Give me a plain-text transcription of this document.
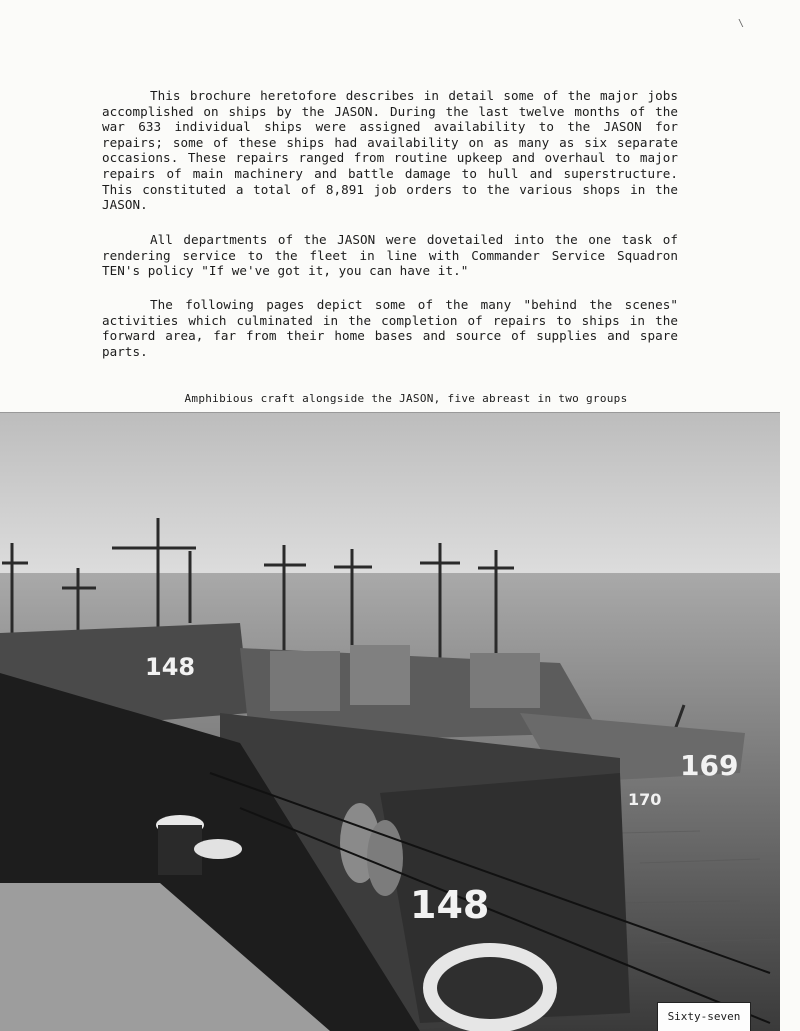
\

This brochure heretofore describes in detail some of the major jobs accomplished on ships by the JASON. During the last twelve months of the war 633 individual ships were assigned availability to the JASON for repairs; some of these ships had availability on as many as six separate occasions. These repairs ranged from routine upkeep and overhaul to major repairs of main machinery and battle damage to hull and superstructure. This constituted a total of 8,891 job orders to the various shops in the JASON.

All departments of the JASON were dovetailed into the one task of rendering service to the fleet in line with Commander Service Squadron TEN's policy "If we've got it, you can have it."

The following pages depict some of the many "behind the scenes" activities which culminated in the completion of repairs to ships in the forward area, far from their home bases and source of supplies and spare parts.

Amphibious craft alongside the JASON, five abreast in two groups

148
148
170
169

Sixty-seven
